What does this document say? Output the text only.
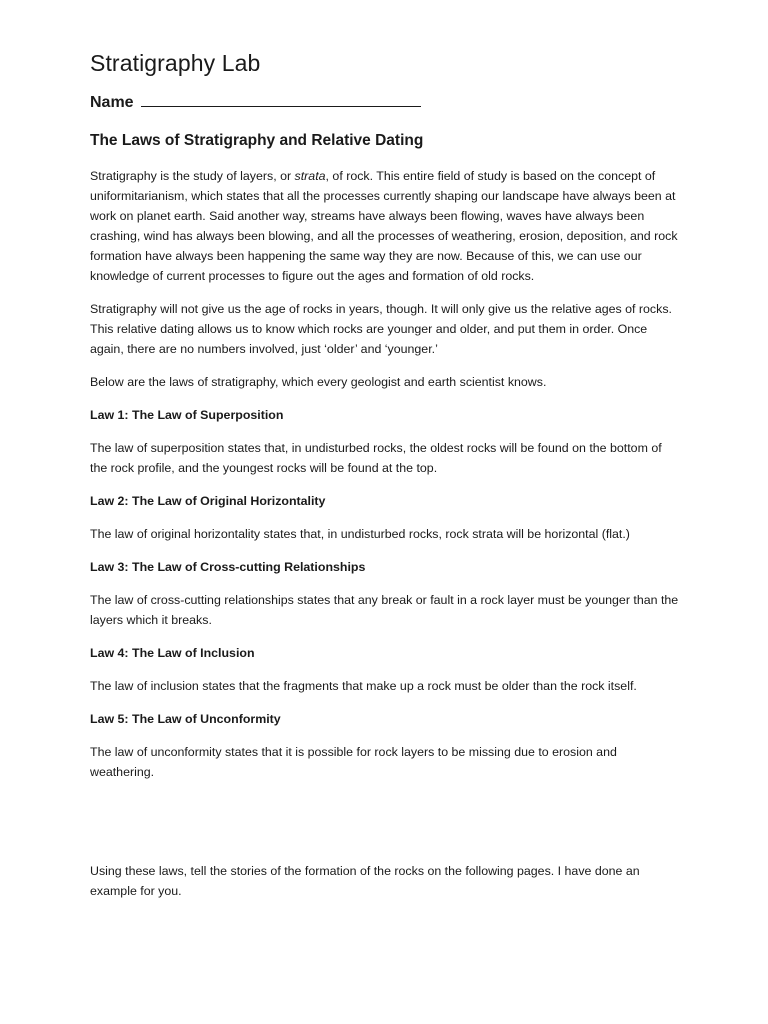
Stratigraphy Lab

Name

The Laws of Stratigraphy and Relative Dating

Stratigraphy is the study of layers, or strata, of rock. This entire field of study is based on the concept of uniformitarianism, which states that all the processes currently shaping our landscape have always been at work on planet earth. Said another way, streams have always been flowing, waves have always been crashing, wind has always been blowing, and all the processes of weathering, erosion, deposition, and rock formation have always been happening the same way they are now. Because of this, we can use our knowledge of current processes to figure out the ages and formation of old rocks.

Stratigraphy will not give us the age of rocks in years, though. It will only give us the relative ages of rocks. This relative dating allows us to know which rocks are younger and older, and put them in order. Once again, there are no numbers involved, just ‘older’ and ‘younger.’

Below are the laws of stratigraphy, which every geologist and earth scientist knows.

Law 1: The Law of Superposition

The law of superposition states that, in undisturbed rocks, the oldest rocks will be found on the bottom of the rock profile, and the youngest rocks will be found at the top.

Law 2: The Law of Original Horizontality

The law of original horizontality states that, in undisturbed rocks, rock strata will be horizontal (flat.)

Law 3: The Law of Cross-cutting Relationships

The law of cross-cutting relationships states that any break or fault in a rock layer must be younger than the layers which it breaks.

Law 4: The Law of Inclusion

The law of inclusion states that the fragments that make up a rock must be older than the rock itself.

Law 5: The Law of Unconformity

The law of unconformity states that it is possible for rock layers to be missing due to erosion and weathering.

Using these laws, tell the stories of the formation of the rocks on the following pages. I have done an example for you.
